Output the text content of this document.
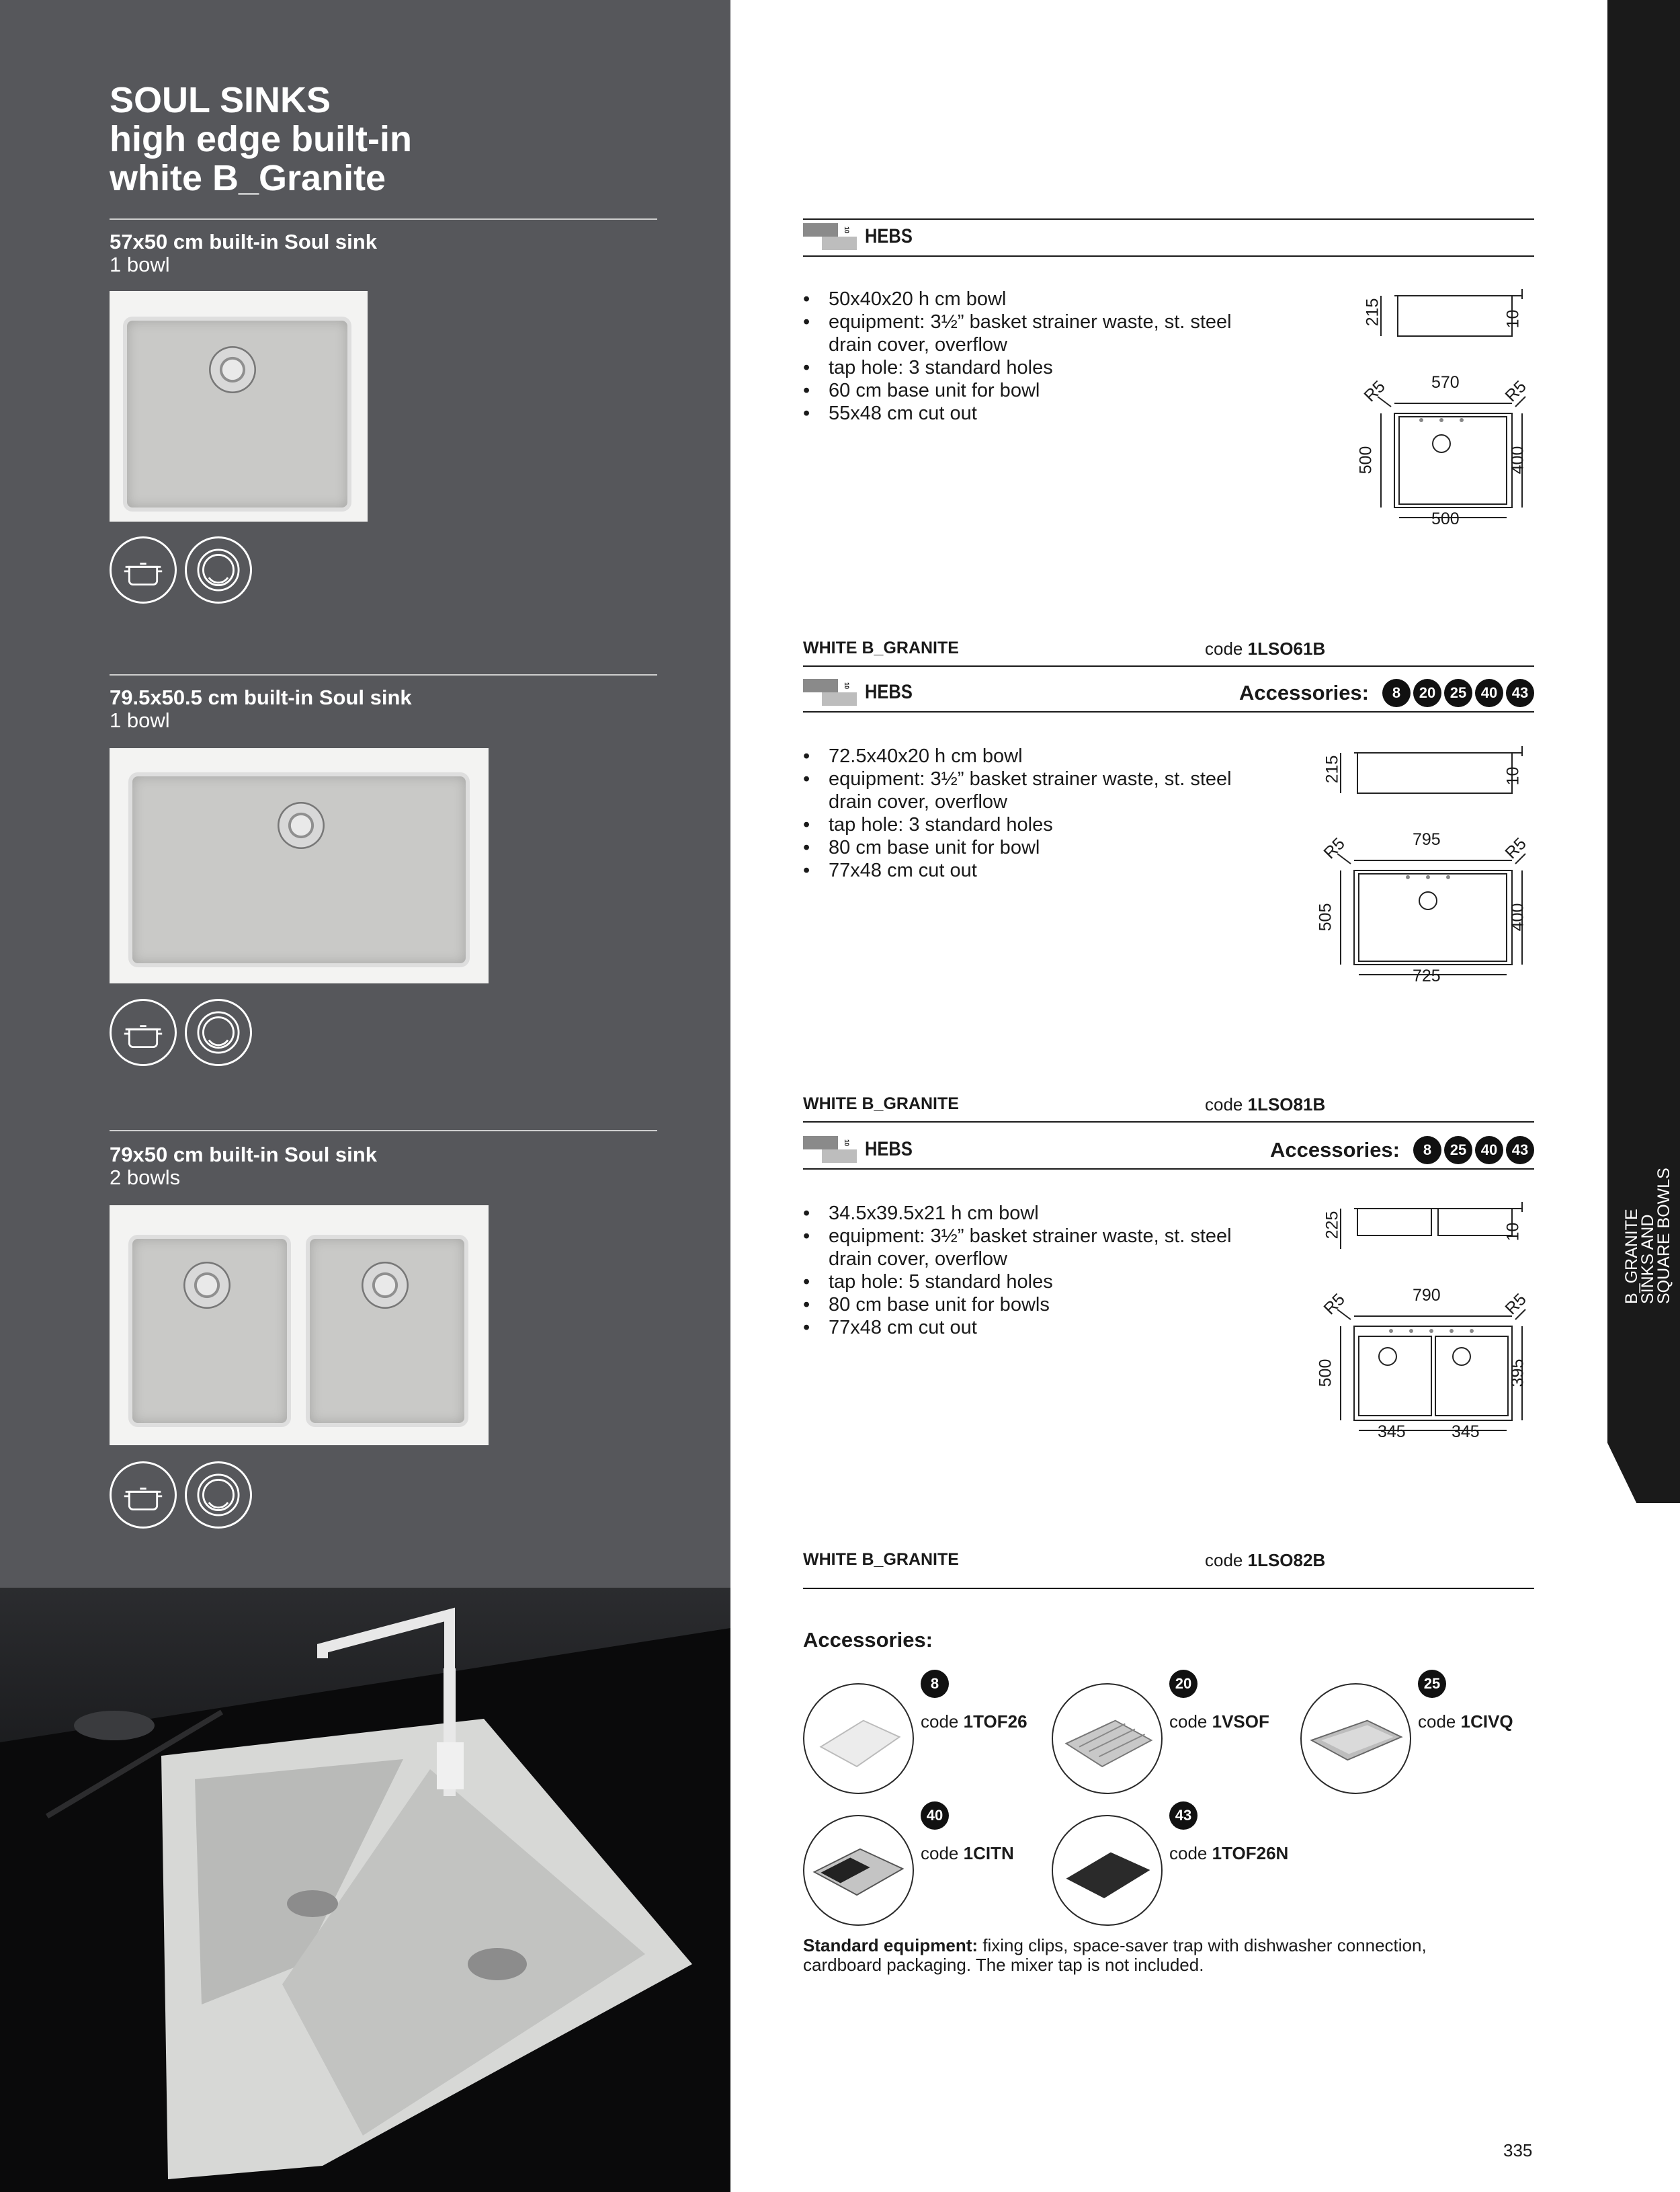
SOUL SINKS
high edge built-in
white B_Granite
57x50 cm built-in Soul sink
1 bowl
79.5x50.5 cm built-in Soul sink
1 bowl
79x50 cm built-in Soul sink
2 bowls
10 HEBS
• 50x40x20 h cm bowl
• equipment: 3½” basket strainer waste, st. steel drain cover, overflow
• tap hole: 3 standard holes
• 60 cm base unit for bowl
• 55x48 cm cut out
215	10
570
R5	R5
500	400
500
WHITE B_GRANITE	code 1LSO61B
10 HEBS	Accessories:	8	20 25 40 43
• 72.5x40x20 h cm bowl
• equipment: 3½” basket strainer waste, st. steel drain cover, overflow
• tap hole: 3 standard holes
• 80 cm base unit for bowl
• 77x48 cm cut out
215	10
795
R5	R5
505	400
725
WHITE B_GRANITE	code 1LSO81B
10 HEBS	Accessories:	8	25 40 43
• 34.5x39.5x21 h cm bowl
• equipment: 3½” basket strainer waste, st. steel drain cover, overflow
• tap hole: 5 standard holes
• 80 cm base unit for bowls
• 77x48 cm cut out
225	10
790
R5	R5
500	395
345	345
WHITE B_GRANITE	code 1LSO82B
Accessories:
8
code 1TOF26
20
code 1VSOF
25
code 1CIVQ
40
code 1CITN
43
code 1TOF26N
Standard equipment: fixing clips, space-saver trap with dishwasher connection, cardboard packaging. The mixer tap is not included.
335
B_GRANITE
SINKS AND
SQUARE BOWLS
